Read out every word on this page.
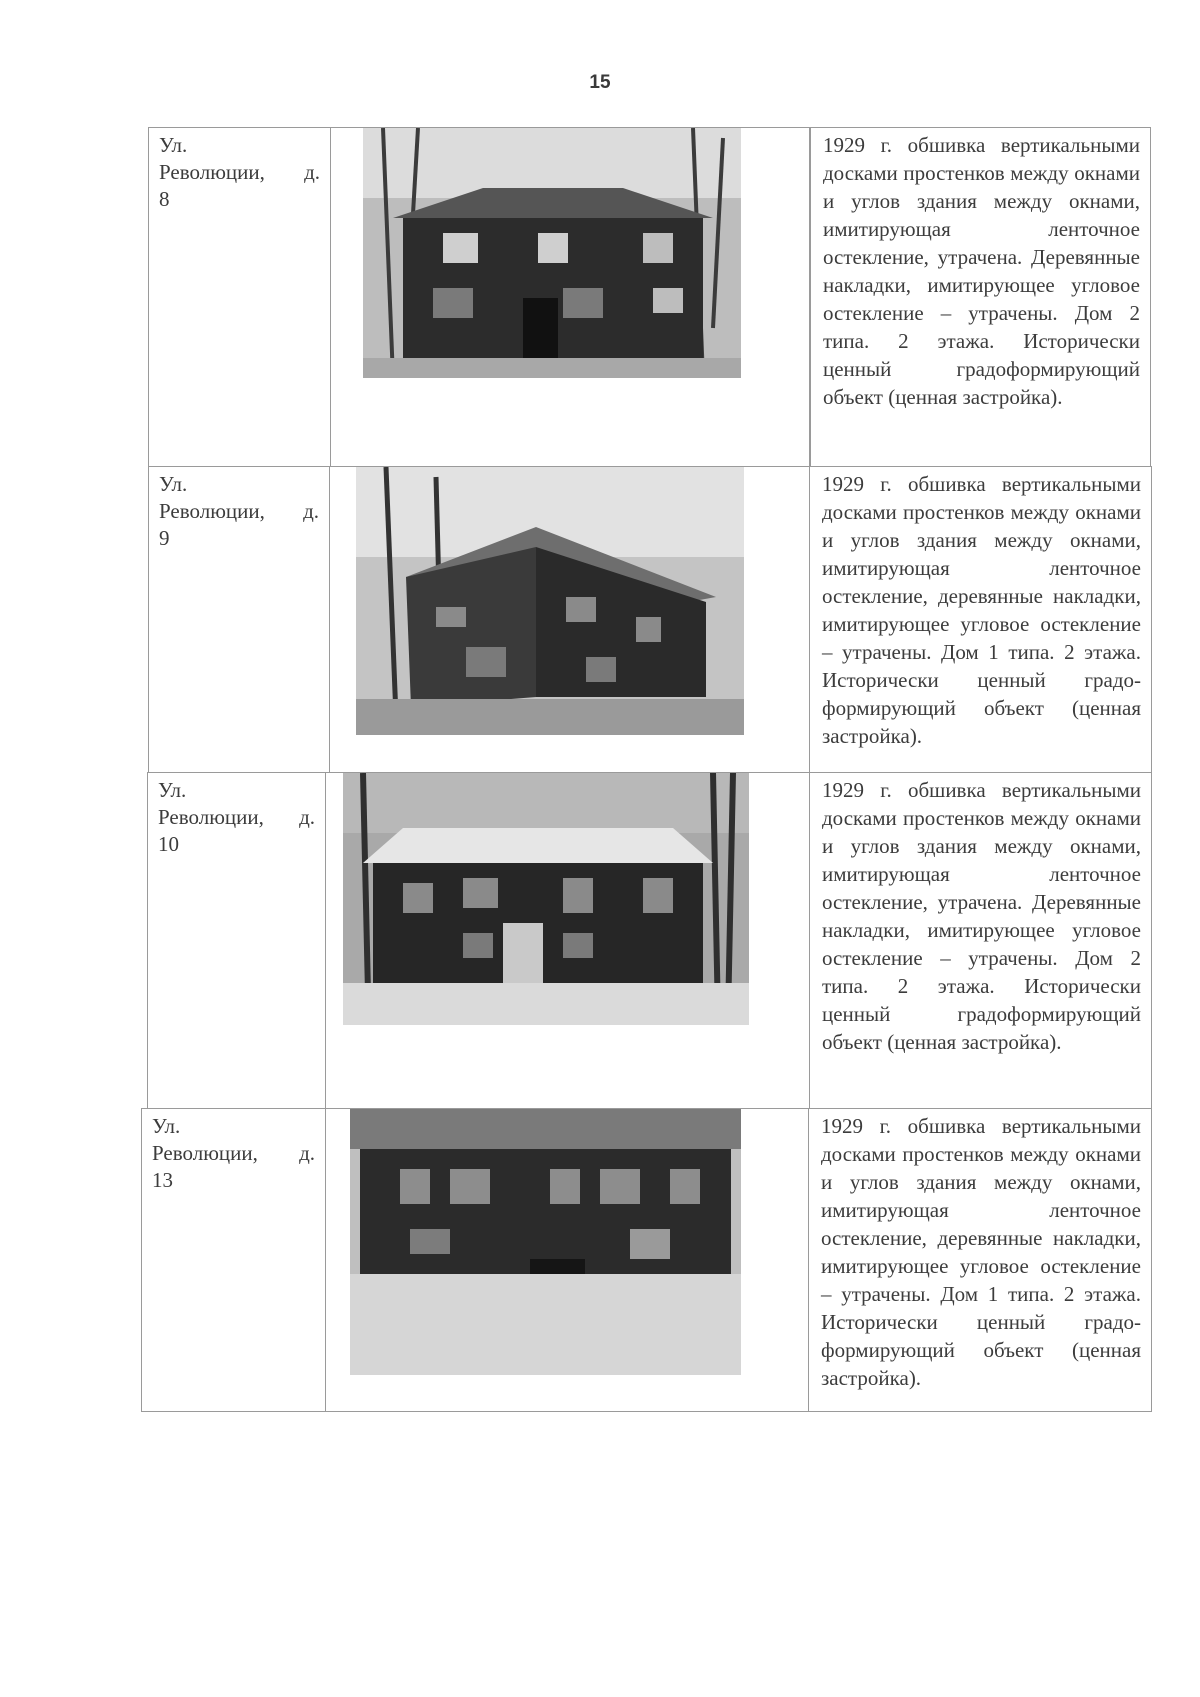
15
Ул.
Революции, д.
8
1929 г. обшивка вертикальными досками простенков между окнами и углов здания между окнами, имитирующая ленточное остекление, утрачена. Деревянные накладки, имитирующее угловое остекление – утрачены. Дом 2 типа. 2 этажа. Исторически ценный градоформирующий объект (ценная застройка).
Ул.
Революции, д.
9
1929 г. обшивка вертикальными досками простенков между окнами и углов здания между окнами, имитирующая ленточное остекление, деревянные накладки, имитирующее угловое остекление – утрачены. Дом 1 типа. 2 этажа. Исторически ценный градоформирующий объект (ценная застройка).
Ул.
Революции, д.
10
1929 г. обшивка вертикальными досками простенков между окнами и углов здания между окнами, имитирующая ленточное остекление, утрачена. Деревянные накладки, имитирующее угловое остекление – утрачены. Дом 2 типа. 2 этажа. Исторически ценный градоформирующий объект (ценная застройка).
Ул.
Революции, д.
13
1929 г. обшивка вертикальными досками простенков между окнами и углов здания между окнами, имитирующая ленточное остекление, деревянные накладки, имитирующее угловое остекление – утрачены. Дом 1 типа. 2 этажа. Исторически ценный градоформирующий объект (ценная застройка).
